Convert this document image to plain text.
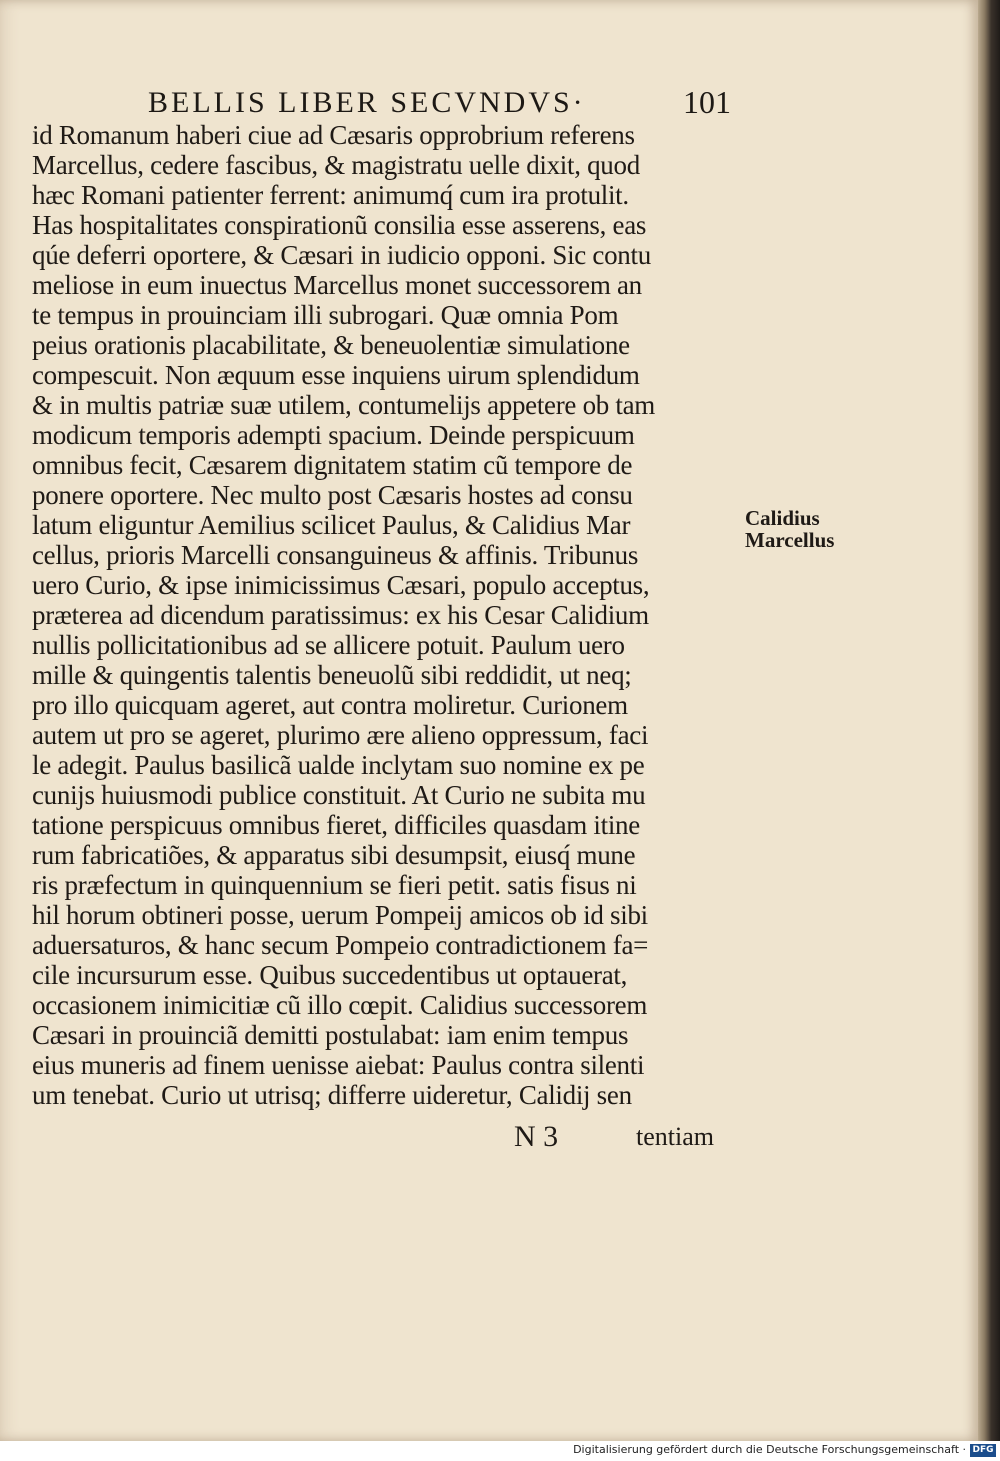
BELLIS LIBER SECVNDVS·	101
id Romanum haberi ciue ad Cæsaris opprobrium referens
Marcellus, cedere fascibus, & magistratu uelle dixit, quod
hæc Romani patienter ferrent: animumq́ cum ira protulit.
Has hospitalitates conspirationũ consilia esse asserens, eas
qúe deferri oportere, & Cæsari in iudicio opponi. Sic contu
meliose in eum inuectus Marcellus monet successorem an
te tempus in prouinciam illi subrogari. Quæ omnia Pom
peius orationis placabilitate, & beneuolentiæ simulatione
compescuit. Non æquum esse inquiens uirum splendidum
& in multis patriæ suæ utilem, contumelijs appetere ob tam
modicum temporis adempti spacium. Deinde perspicuum
omnibus fecit, Cæsarem dignitatem statim cũ tempore de
ponere oportere. Nec multo post Cæsaris hostes ad consu
latum eliguntur Aemilius scilicet Paulus, & Calidius Mar
cellus, prioris Marcelli consanguineus & affinis. Tribunus
uero Curio, & ipse inimicissimus Cæsari, populo acceptus,
præterea ad dicendum paratissimus: ex his Cesar Calidium
nullis pollicitationibus ad se allicere potuit. Paulum uero
mille & quingentis talentis beneuolũ sibi reddidit, ut neq;
pro illo quicquam ageret, aut contra moliretur. Curionem
autem ut pro se ageret, plurimo ære alieno oppressum, faci
le adegit. Paulus basilicã ualde inclytam suo nomine ex pe
cunijs huiusmodi publice constituit. At Curio ne subita mu
tatione perspicuus omnibus fieret, difficiles quasdam itine
rum fabricatiões, & apparatus sibi desumpsit, eiusq́ mune
ris præfectum in quinquennium se fieri petit. satis fisus ni
hil horum obtineri posse, uerum Pompeij amicos ob id sibi
aduersaturos, & hanc secum Pompeio contradictionem fa=
cile incursurum esse. Quibus succedentibus ut optauerat,
occasionem inimicitiæ cũ illo cœpit. Calidius successorem
Cæsari in prouinciã demitti postulabat: iam enim tempus
eius muneris ad finem uenisse aiebat: Paulus contra silenti
um tenebat. Curio ut utrisq; differre uideretur, Calidij sen
Calidius
Marcellus
N 3	tentiam
Digitalisierung gefördert durch die Deutsche Forschungsgemeinschaft · DFG
